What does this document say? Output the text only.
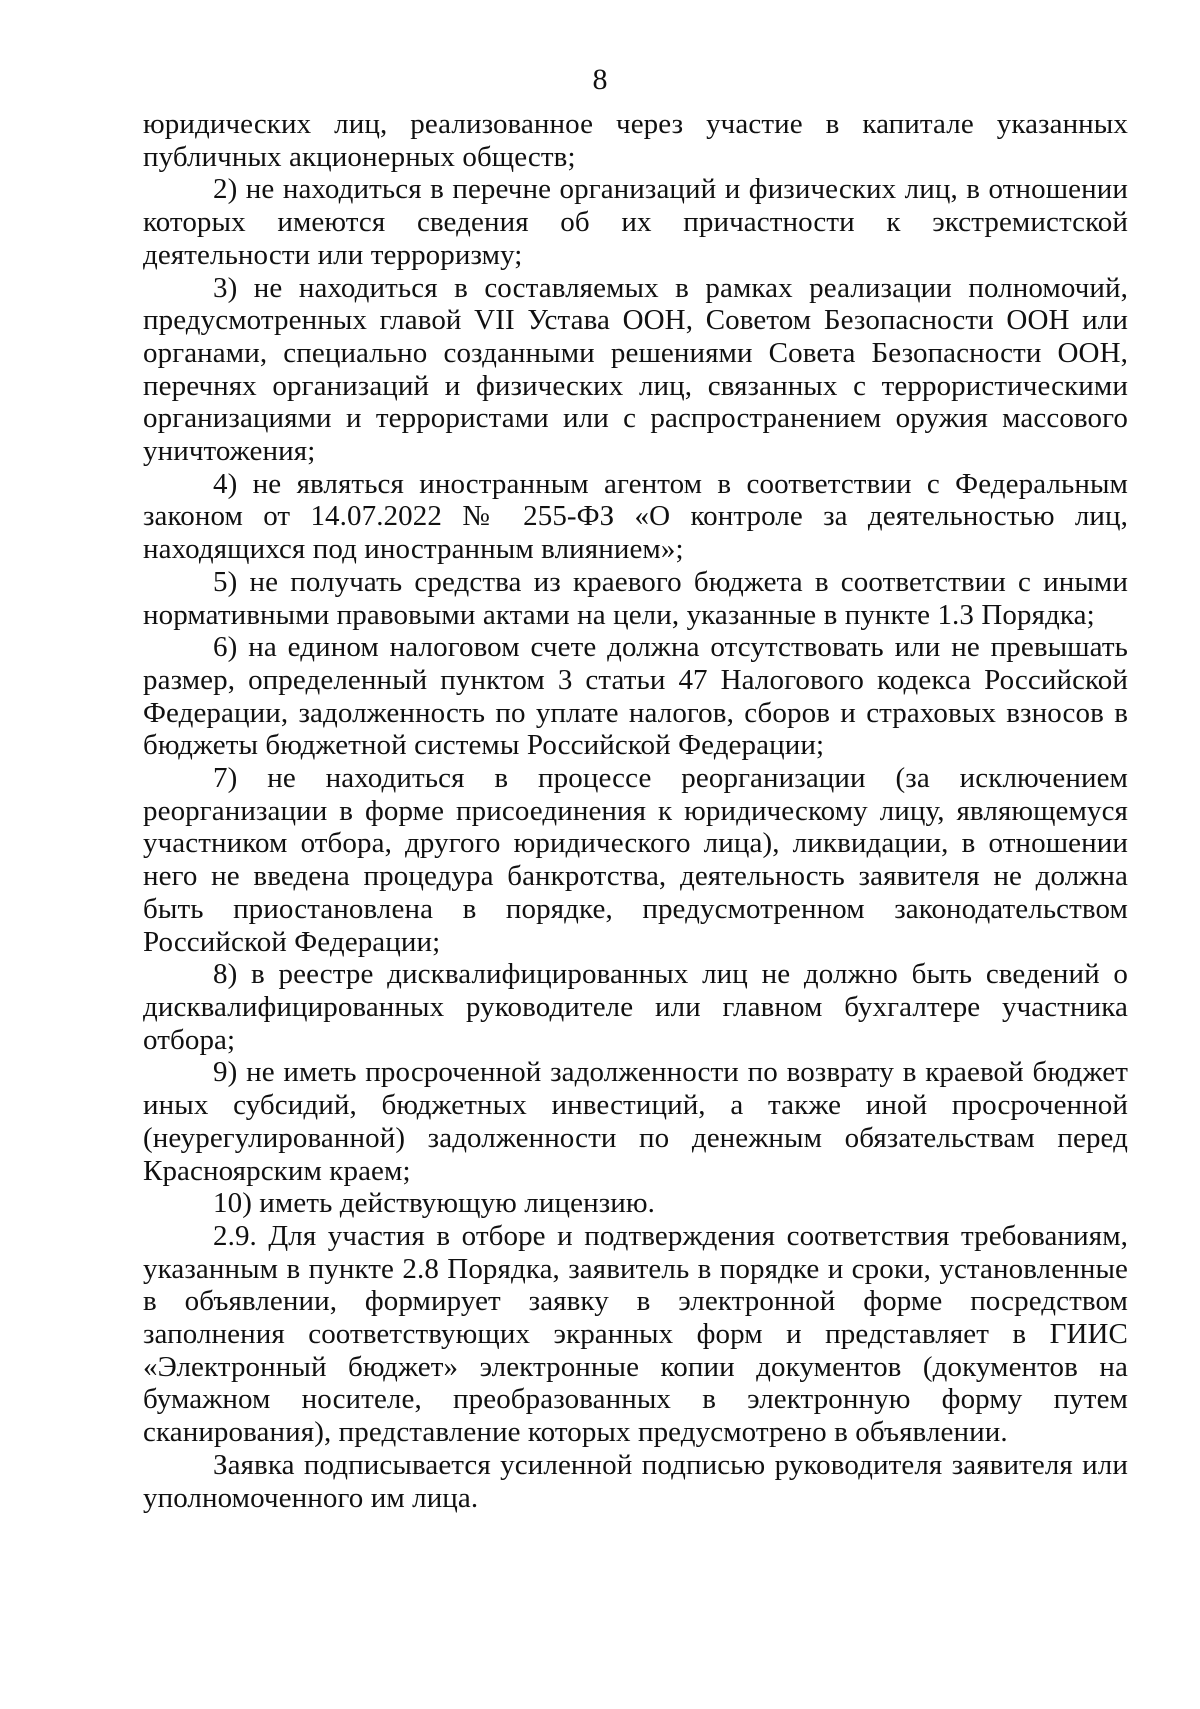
8

юридических лиц, реализованное через участие в капитале указанных публичных акционерных обществ;

2) не находиться в перечне организаций и физических лиц, в отношении которых имеются сведения об их причастности к экстремистской деятельности или терроризму;

3) не находиться в составляемых в рамках реализации полномочий, предусмотренных главой VII Устава ООН, Советом Безопасности ООН или органами, специально созданными решениями Совета Безопасности ООН, перечнях организаций и физических лиц, связанных с террористическими организациями и террористами или с распространением оружия массового уничтожения;

4) не являться иностранным агентом в соответствии с Федеральным законом от 14.07.2022 № 255-ФЗ «О контроле за деятельностью лиц, находящихся под иностранным влиянием»;

5) не получать средства из краевого бюджета в соответствии с иными нормативными правовыми актами на цели, указанные в пункте 1.3 Порядка;

6) на едином налоговом счете должна отсутствовать или не превышать размер, определенный пунктом 3 статьи 47 Налогового кодекса Российской Федерации, задолженность по уплате налогов, сборов и страховых взносов в бюджеты бюджетной системы Российской Федерации;

7) не находиться в процессе реорганизации (за исключением реорганизации в форме присоединения к юридическому лицу, являющемуся участником отбора, другого юридического лица), ликвидации, в отношении него не введена процедура банкротства, деятельность заявителя не должна быть приостановлена в порядке, предусмотренном законодательством Российской Федерации;

8) в реестре дисквалифицированных лиц не должно быть сведений о дисквалифицированных руководителе или главном бухгалтере участника отбора;

9) не иметь просроченной задолженности по возврату в краевой бюджет иных субсидий, бюджетных инвестиций, а также иной просроченной (неурегулированной) задолженности по денежным обязательствам перед Красноярским краем;

10) иметь действующую лицензию.

2.9. Для участия в отборе и подтверждения соответствия требованиям, указанным в пункте 2.8 Порядка, заявитель в порядке и сроки, установленные в объявлении, формирует заявку в электронной форме посредством заполнения соответствующих экранных форм и представляет в ГИИС «Электронный бюджет» электронные копии документов (документов на бумажном носителе, преобразованных в электронную форму путем сканирования), представление которых предусмотрено в объявлении.

Заявка подписывается усиленной подписью руководителя заявителя или уполномоченного им лица.
